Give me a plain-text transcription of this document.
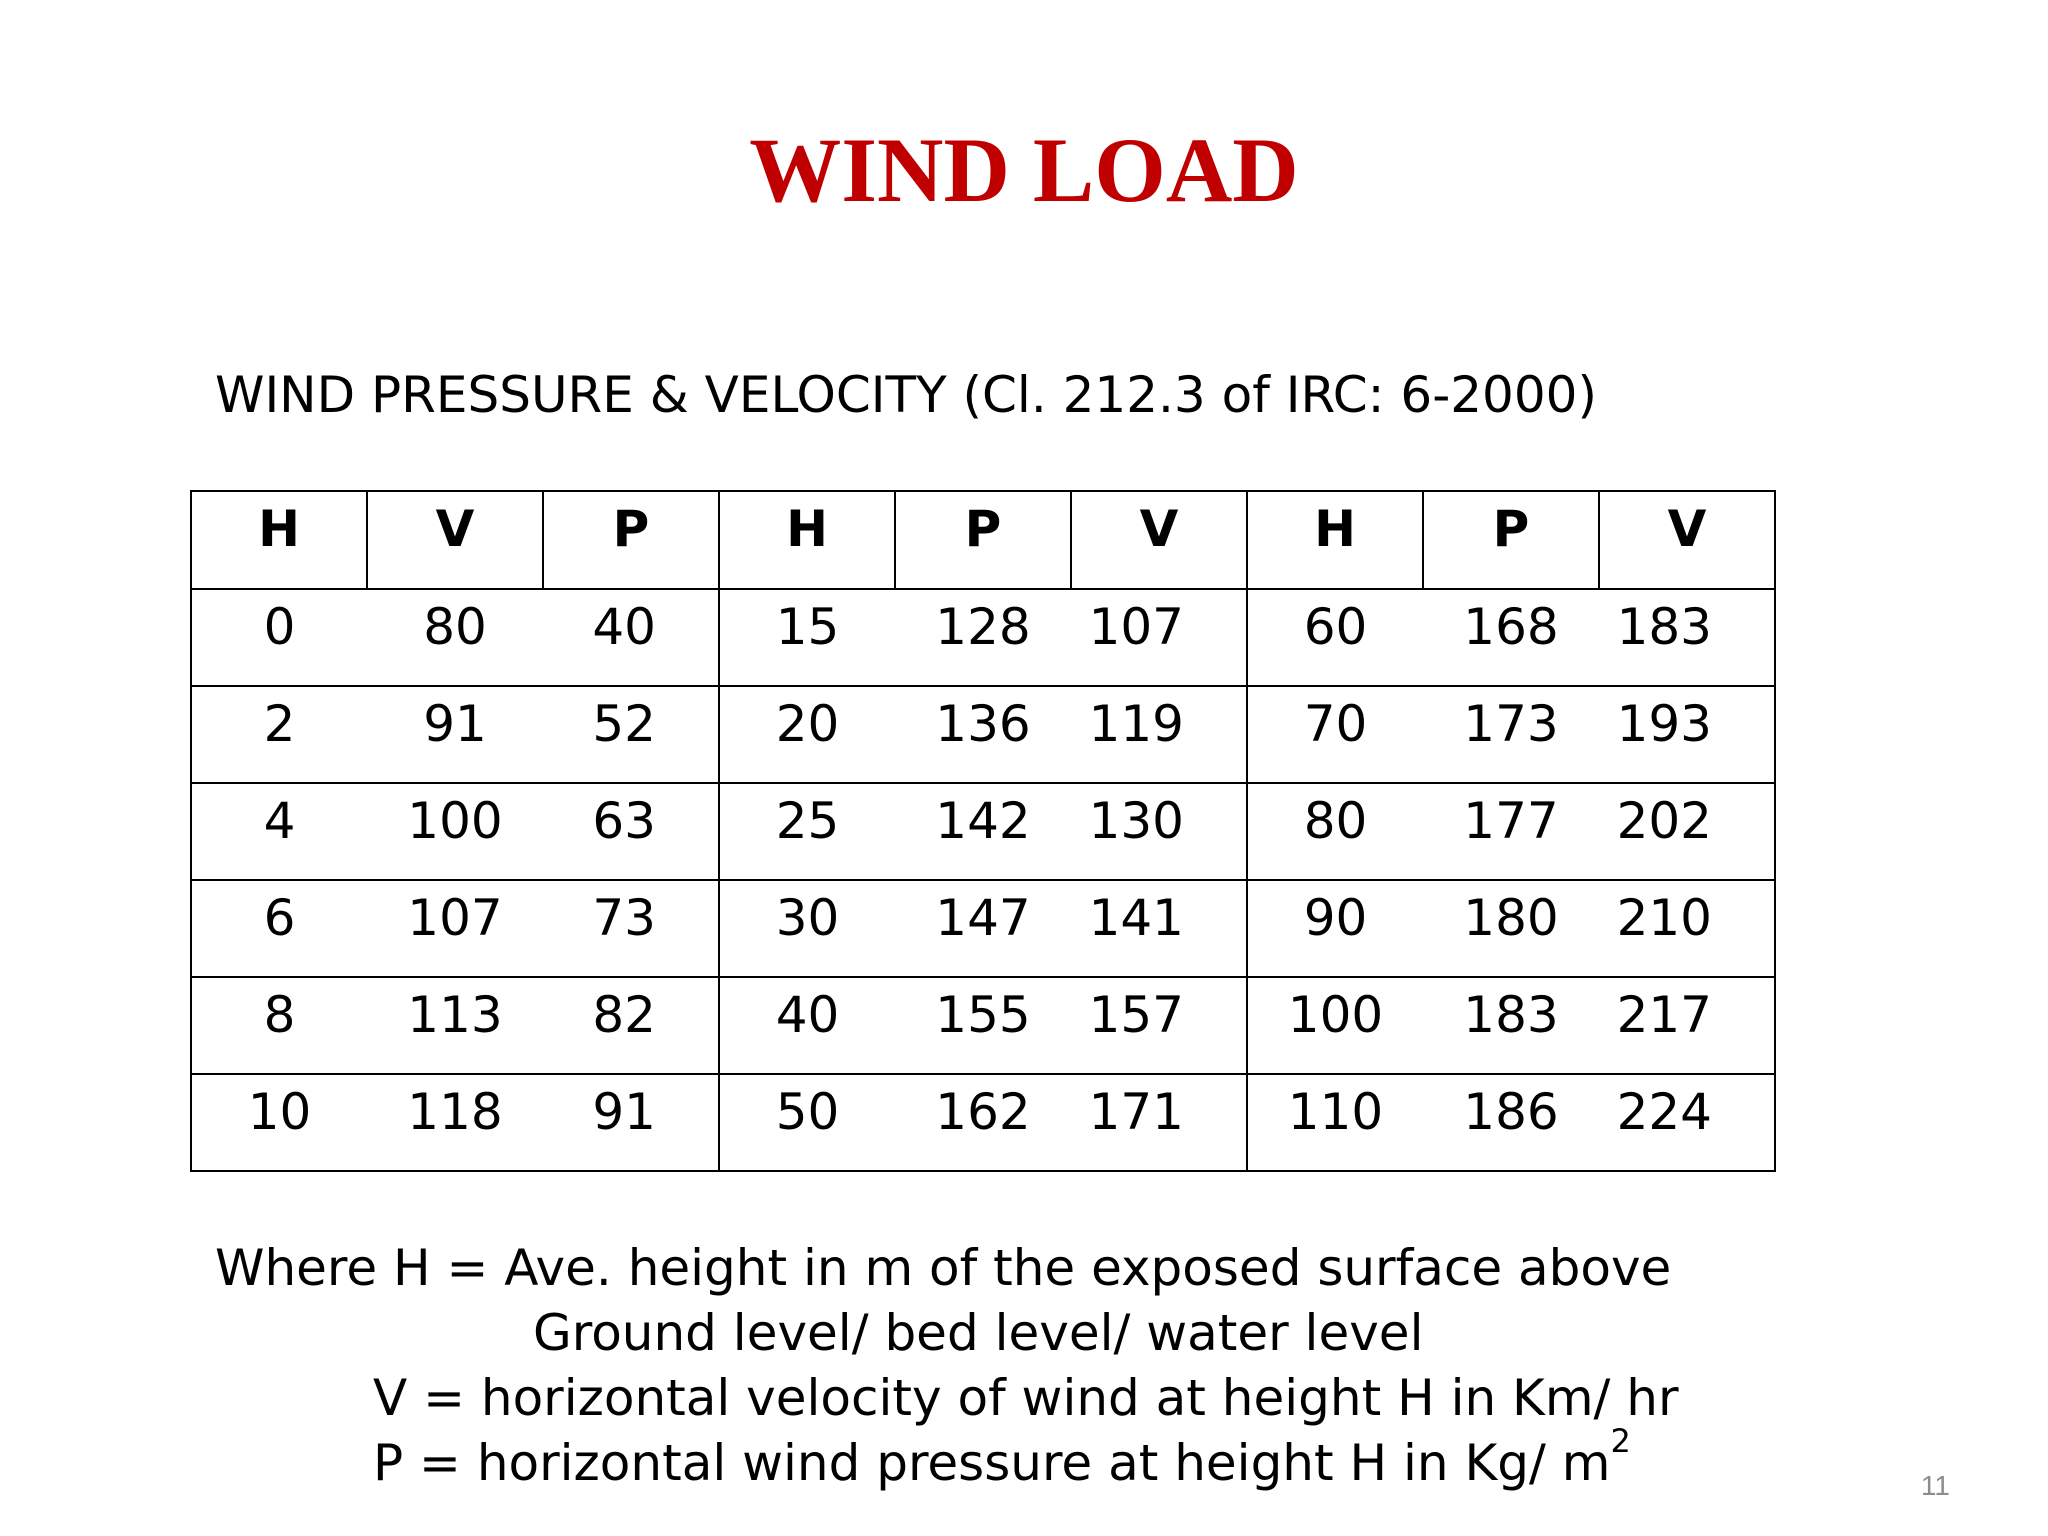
WIND LOAD
WIND PRESSURE & VELOCITY (Cl. 212.3 of IRC: 6-2000)
H	V	P	H	P	V	H	P	V
0	80	40	15	128	107	60	168	183
2	91	52	20	136	119	70	173	193
4	100	63	25	142	130	80	177	202
6	107	73	30	147	141	90	180	210
8	113	82	40	155	157	100	183	217
10	118	91	50	162	171	110	186	224
Where H = Ave. height in m of the exposed surface above
Ground level/ bed level/ water level
V = horizontal velocity of wind at height H in Km/ hr
P = horizontal wind pressure at height H in Kg/ $m^2$
11
